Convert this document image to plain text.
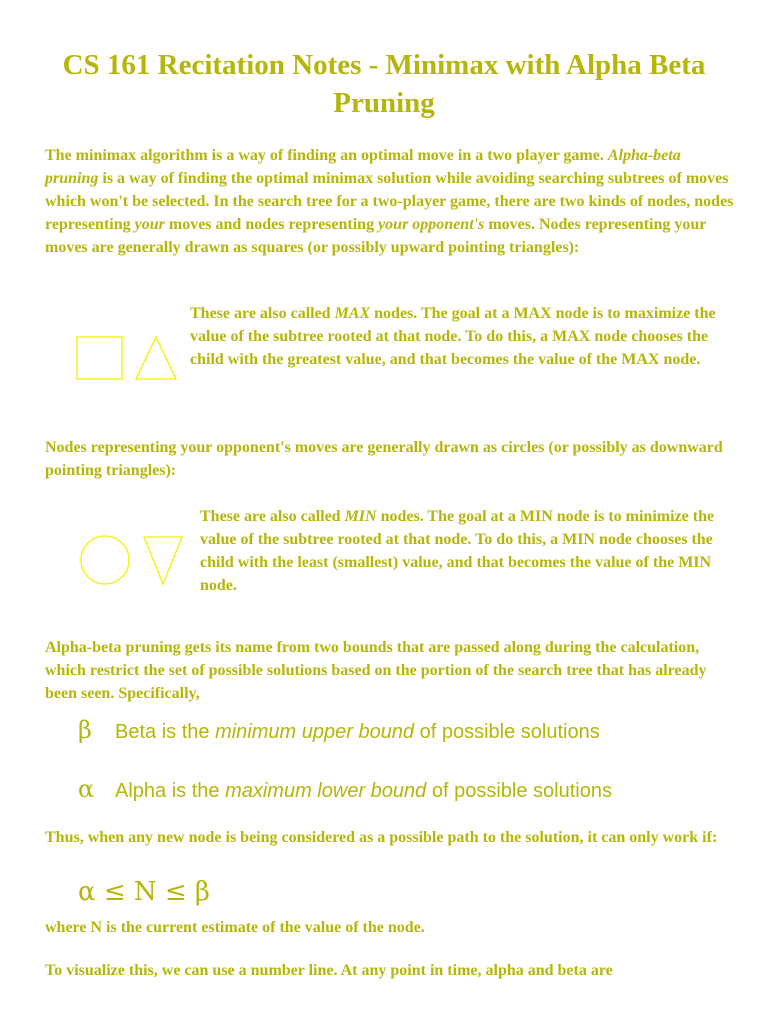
CS 161 Recitation Notes - Minimax with Alpha Beta Pruning

The minimax algorithm is a way of finding an optimal move in a two player game. Alpha-beta pruning is a way of finding the optimal minimax solution while avoiding searching subtrees of moves which won't be selected. In the search tree for a two-player game, there are two kinds of nodes, nodes representing your moves and nodes representing your opponent's moves. Nodes representing your moves are generally drawn as squares (or possibly upward pointing triangles):

These are also called MAX nodes. The goal at a MAX node is to maximize the value of the subtree rooted at that node. To do this, a MAX node chooses the child with the greatest value, and that becomes the value of the MAX node.

Nodes representing your opponent's moves are generally drawn as circles (or possibly as downward pointing triangles):

These are also called MIN nodes. The goal at a MIN node is to minimize the value of the subtree rooted at that node. To do this, a MIN node chooses the child with the least (smallest) value, and that becomes the value of the MIN node.

Alpha-beta pruning gets its name from two bounds that are passed along during the calculation, which restrict the set of possible solutions based on the portion of the search tree that has already been seen. Specifically,

β Beta is the minimum upper bound of possible solutions
α Alpha is the maximum lower bound of possible solutions

Thus, when any new node is being considered as a possible path to the solution, it can only work if:

α ≤ N ≤ β

where N is the current estimate of the value of the node.

To visualize this, we can use a number line. At any point in time, alpha and beta are
